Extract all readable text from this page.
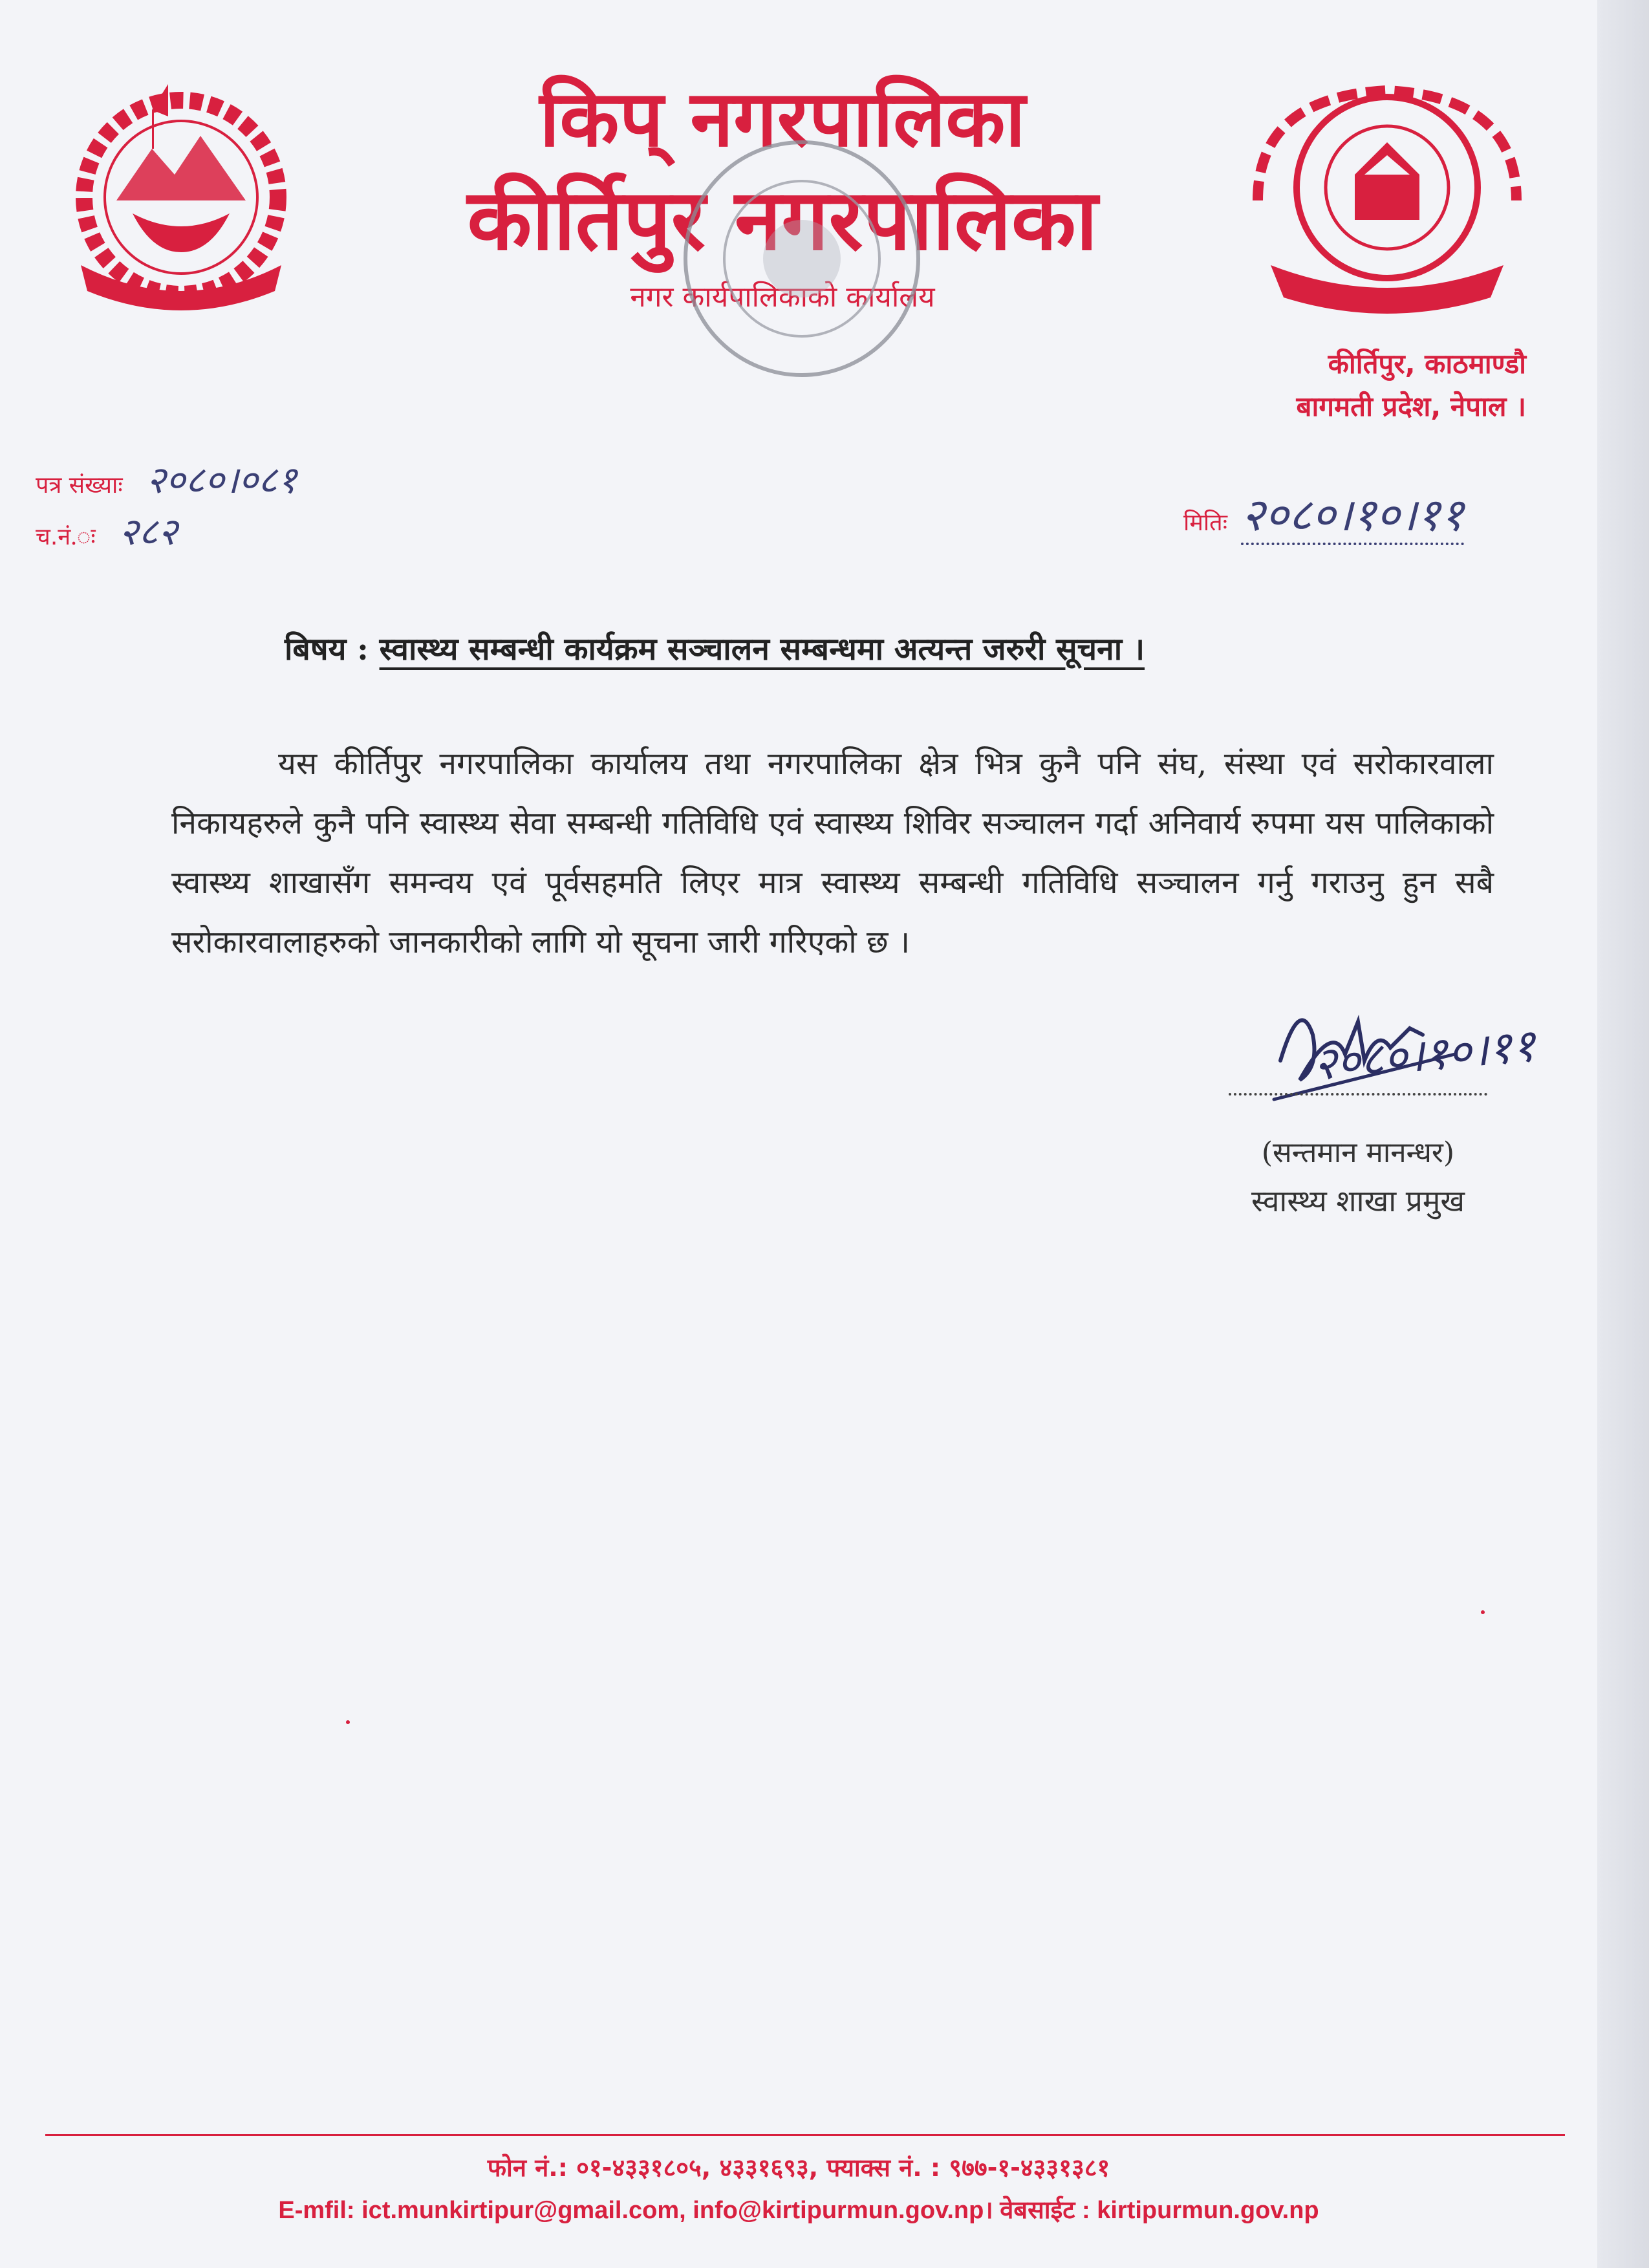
किप् नगरपालिका
कीर्तिपुर नगरपालिका
नगर कार्यपालिकाको कार्यालय
कीर्तिपुर, काठमाण्डौ
बागमती प्रदेश, नेपाल ।
पत्र संख्याः २०८०।०८१
च.नं.ः २८२	मितिः २०८०।१०।११
बिषय : स्वास्थ्य सम्बन्धी कार्यक्रम सञ्चालन सम्बन्धमा अत्यन्त जरुरी सूचना ।
यस कीर्तिपुर नगरपालिका कार्यालय तथा नगरपालिका क्षेत्र भित्र कुनै पनि संघ, संस्था एवं सरोकारवाला निकायहरुले कुनै पनि स्वास्थ्य सेवा सम्बन्धी गतिविधि एवं स्वास्थ्य शिविर सञ्चालन गर्दा अनिवार्य रुपमा यस पालिकाको स्वास्थ्य शाखासँग समन्वय एवं पूर्वसहमति लिएर मात्र स्वास्थ्य सम्बन्धी गतिविधि सञ्चालन गर्नु गराउनु हुन सबै सरोकारवालाहरुको जानकारीको लागि यो सूचना जारी गरिएको छ ।
२०८०।१०।११
(सन्तमान मानन्धर)
स्वास्थ्य शाखा प्रमुख
फोन नं.: ०१-४३३१८०५, ४३३१६९३, फ्याक्स नं. : ९७७-१-४३३१३८१
E-mfil: ict.munkirtipur@gmail.com, info@kirtipurmun.gov.np। वेबसाईट : kirtipurmun.gov.np
